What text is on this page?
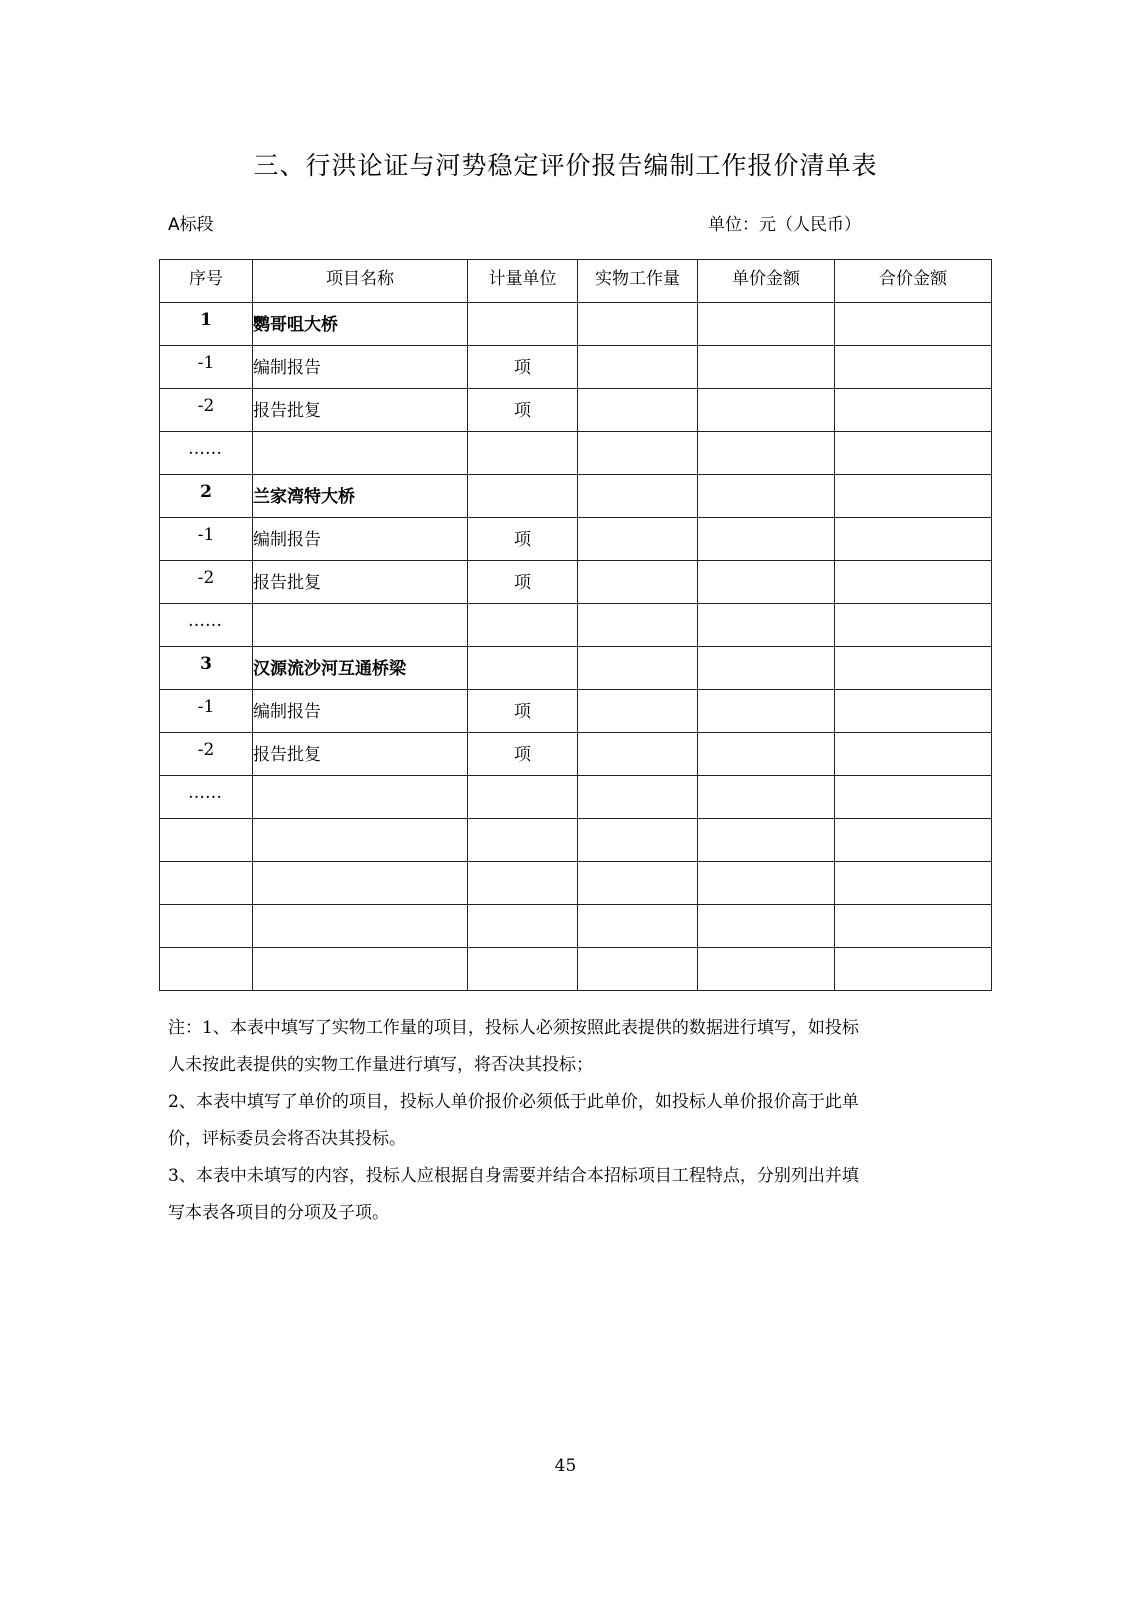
三、行洪论证与河势稳定评价报告编制工作报价清单表
A标段	单位：元（人民币）
序号	项目名称	计量单位	实物工作量	单价金额	合价金额
1	鹦哥咀大桥				
-1	编制报告	项			
-2	报告批复	项			
……					
2	兰家湾特大桥				
-1	编制报告	项			
-2	报告批复	项			
……					
3	汉源流沙河互通桥梁				
-1	编制报告	项			
-2	报告批复	项			
……					

注：1、本表中填写了实物工作量的项目，投标人必须按照此表提供的数据进行填写，如投标

人未按此表提供的实物工作量进行填写，将否决其投标；

2、本表中填写了单价的项目，投标人单价报价必须低于此单价，如投标人单价报价高于此单

价，评标委员会将否决其投标。

3、本表中未填写的内容，投标人应根据自身需要并结合本招标项目工程特点，分别列出并填

写本表各项目的分项及子项。

45
